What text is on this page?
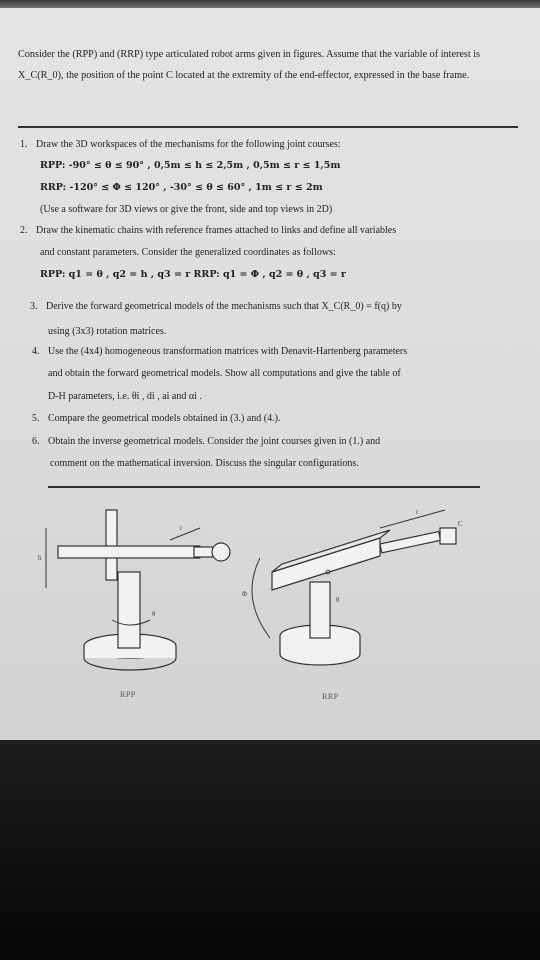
Consider the (RPP) and (RRP) type articulated robot arms given in figures. Assume that the variable of interest is X_C(R_0), the position of the point C located at the extremity of the end-effector, expressed in the base frame.
1. Draw the 3D workspaces of the mechanisms for the following joint courses:
RPP: -90° ≤ θ ≤ 90° , 0,5m ≤ h ≤ 2,5m , 0,5m ≤ r ≤ 1,5m
RRP: -120° ≤ Φ ≤ 120° , -30° ≤ θ ≤ 60° , 1m ≤ r ≤ 2m
(Use a software for 3D views or give the front, side and top views in 2D)
2. Draw the kinematic chains with reference frames attached to links and define all variables
and constant parameters. Consider the generalized coordinates as follows:
RPP: q1 = θ , q2 = h , q3 = r RRP: q1 = Φ , q2 = θ , q3 = r
3. Derive the forward geometrical models of the mechanisms such that X_C(R_0) = f(q) by
using (3x3) rotation matrices.
4. Use the (4x4) homogeneous transformation matrices with Denavit-Hartenberg parameters
and obtain the forward geometrical models. Show all computations and give the table of
D-H parameters, i.e. θi , di , ai and αi .
5. Compare the geometrical models obtained in (3.) and (4.).
6. Obtain the inverse geometrical models. Consider the joint courses given in (1.) and
comment on the mathematical inversion. Discuss the singular configurations.
h
θ
r
Φ
θ
r
C
RPP	RRP
